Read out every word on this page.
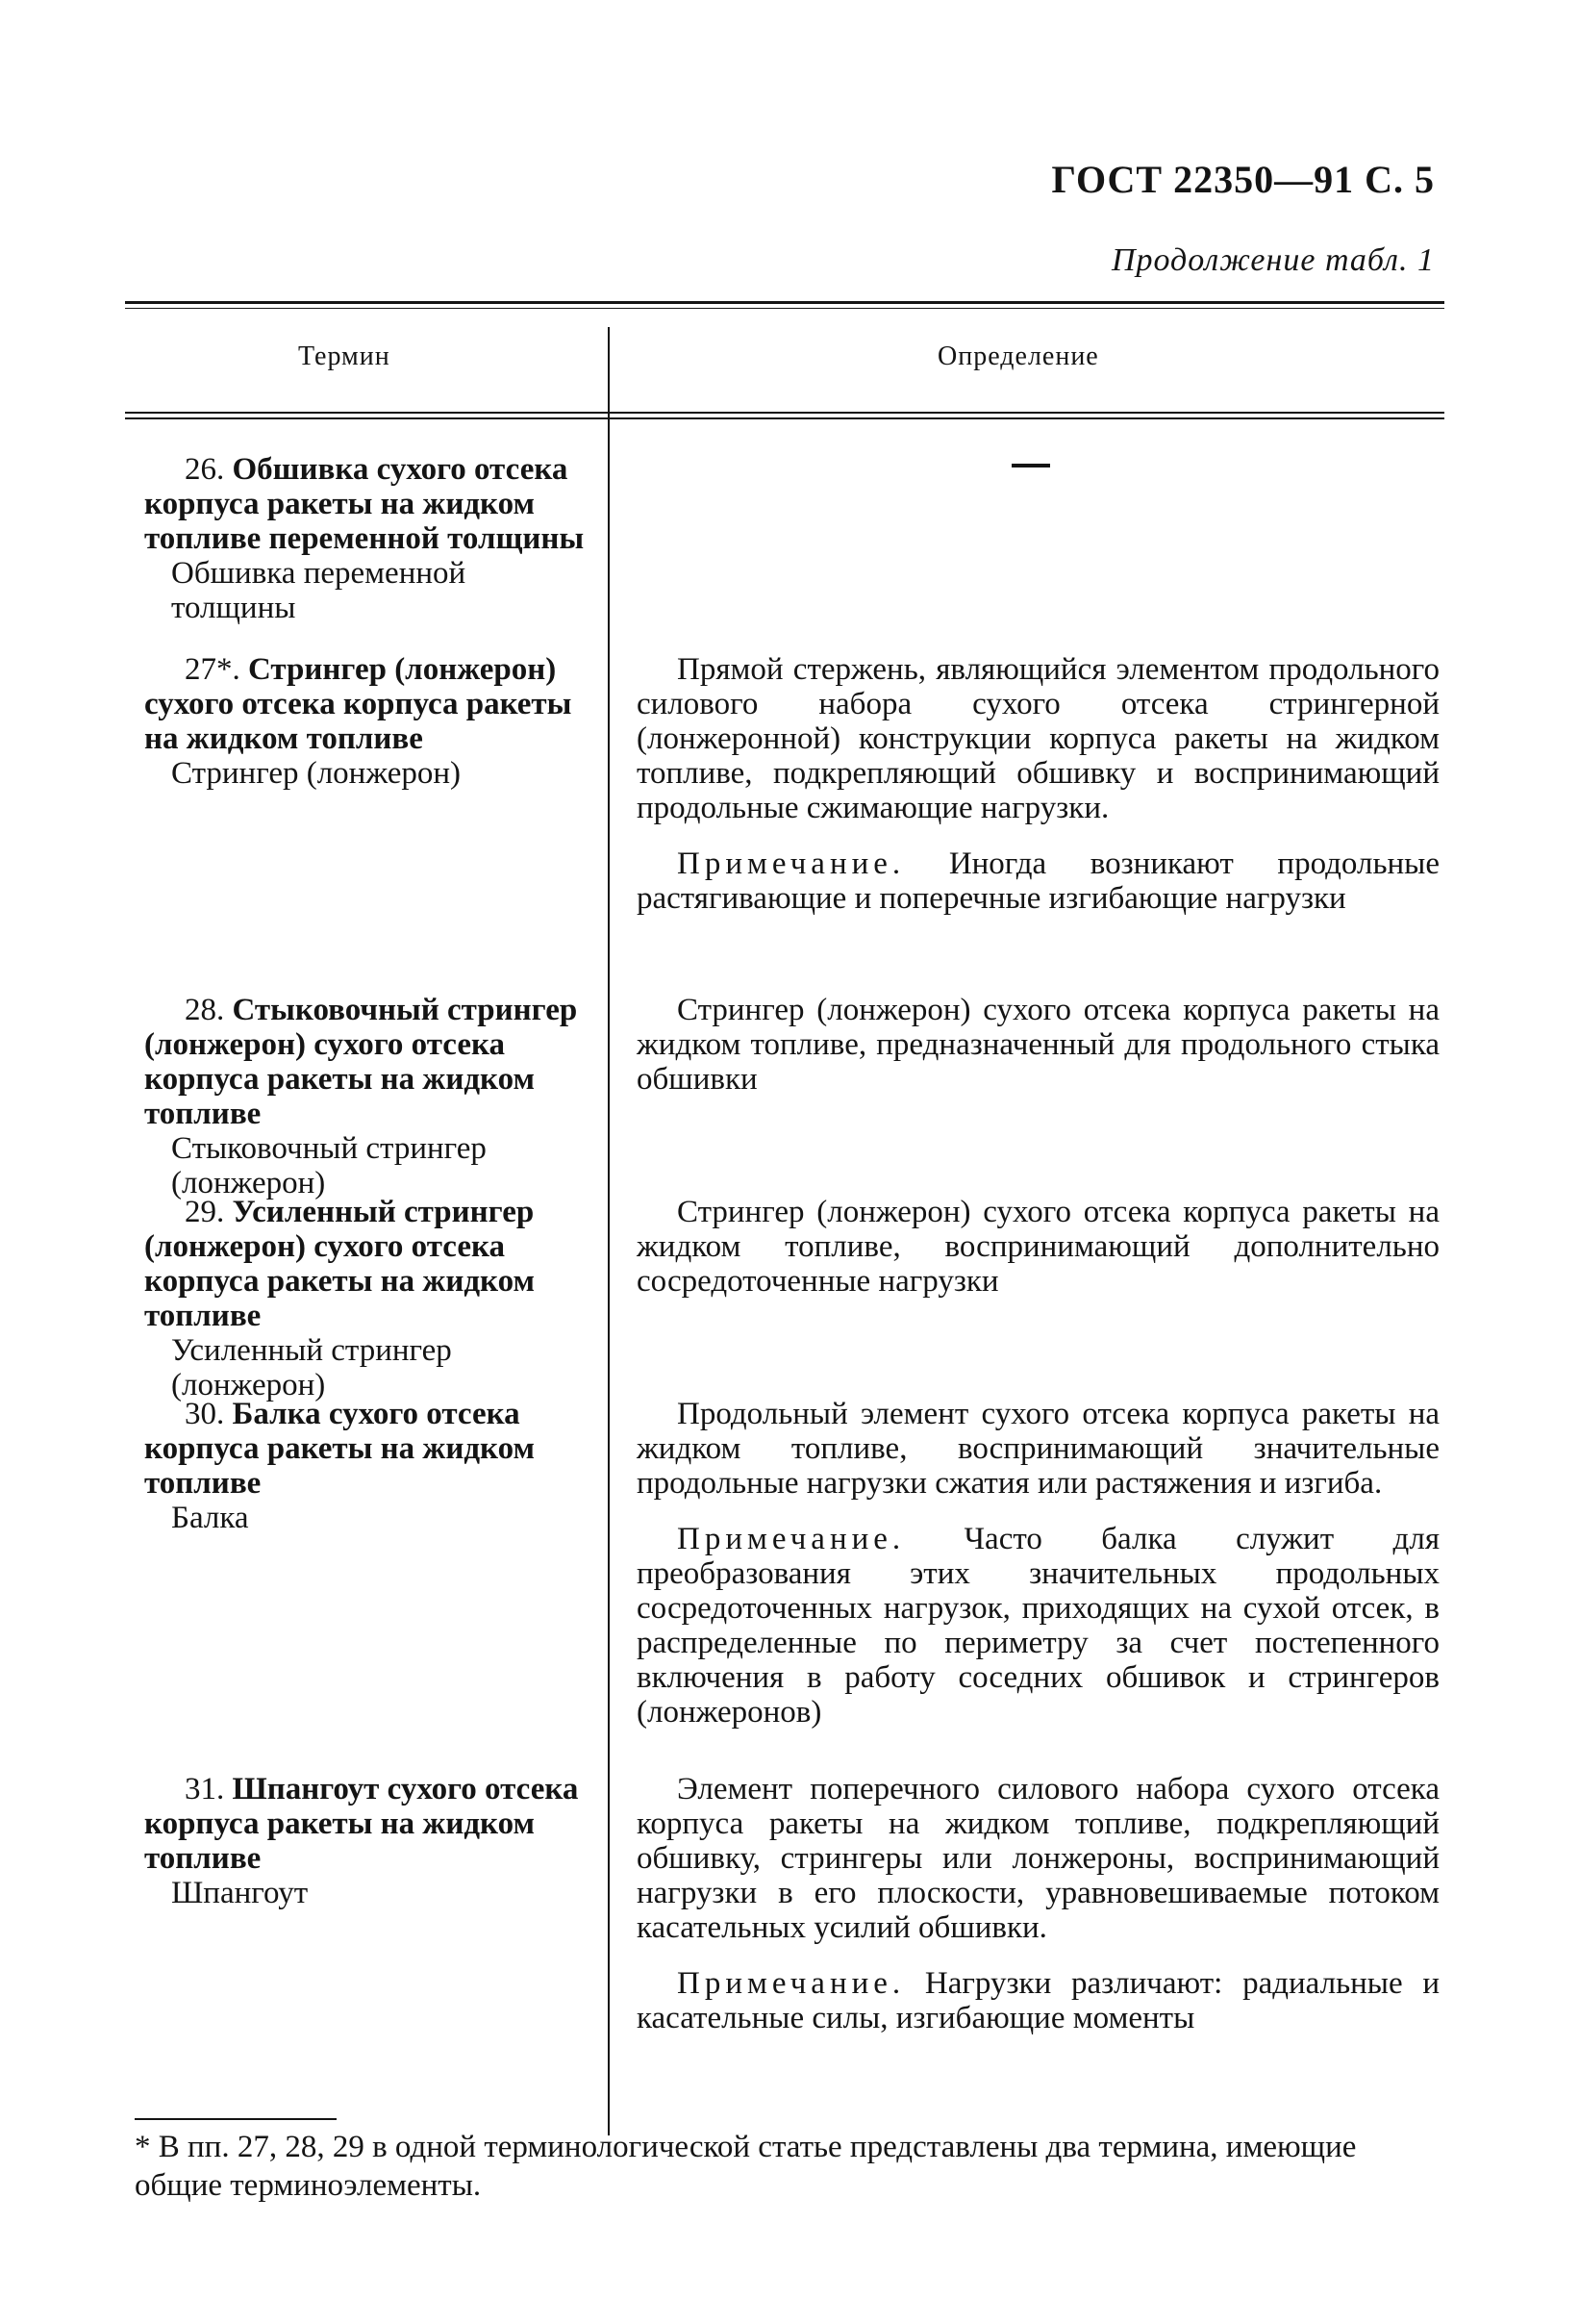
ГОСТ 22350—91 С. 5
Продолжение табл. 1
Термин	Определение
26. Обшивка сухого отсека корпуса ракеты на жидком топливе переменной толщины
Обшивка переменной толщины
27*. Стрингер (лонжерон) сухого отсека корпуса ракеты на жидком топливе
Стрингер (лонжерон)
Прямой стержень, являющийся элементом продольного силового набора сухого отсека стрингерной (лонжеронной) конструкции корпуса ракеты на жидком топливе, подкрепляющий обшивку и воспринимающий продольные сжимающие нагрузки.
Примечание. Иногда возникают продольные растягивающие и поперечные изгибающие нагрузки
28. Стыковочный стрингер (лонжерон) сухого отсека корпуса ракеты на жидком топливе
Стыковочный стрингер (лонжерон)
Стрингер (лонжерон) сухого отсека корпуса ракеты на жидком топливе, предназначенный для продольного стыка обшивки
29. Усиленный стрингер (лонжерон) сухого отсека корпуса ракеты на жидком топливе
Усиленный стрингер (лонжерон)
Стрингер (лонжерон) сухого отсека корпуса ракеты на жидком топливе, воспринимающий дополнительно сосредоточенные нагрузки
30. Балка сухого отсека корпуса ракеты на жидком топливе
Балка
Продольный элемент сухого отсека корпуса ракеты на жидком топливе, воспринимающий значительные продольные нагрузки сжатия или растяжения и изгиба.
Примечание. Часто балка служит для преобразования этих значительных продольных сосредоточенных нагрузок, приходящих на сухой отсек, в распределенные по периметру за счет постепенного включения в работу соседних обшивок и стрингеров (лонжеронов)
31. Шпангоут сухого отсека корпуса ракеты на жидком топливе
Шпангоут
Элемент поперечного силового набора сухого отсека корпуса ракеты на жидком топливе, подкрепляющий обшивку, стрингеры или лонжероны, воспринимающий нагрузки в его плоскости, уравновешиваемые потоком касательных усилий обшивки.
Примечание. Нагрузки различают: радиальные и касательные силы, изгибающие моменты
* В пп. 27, 28, 29 в одной терминологической статье представлены два термина, имеющие общие терминоэлементы.
